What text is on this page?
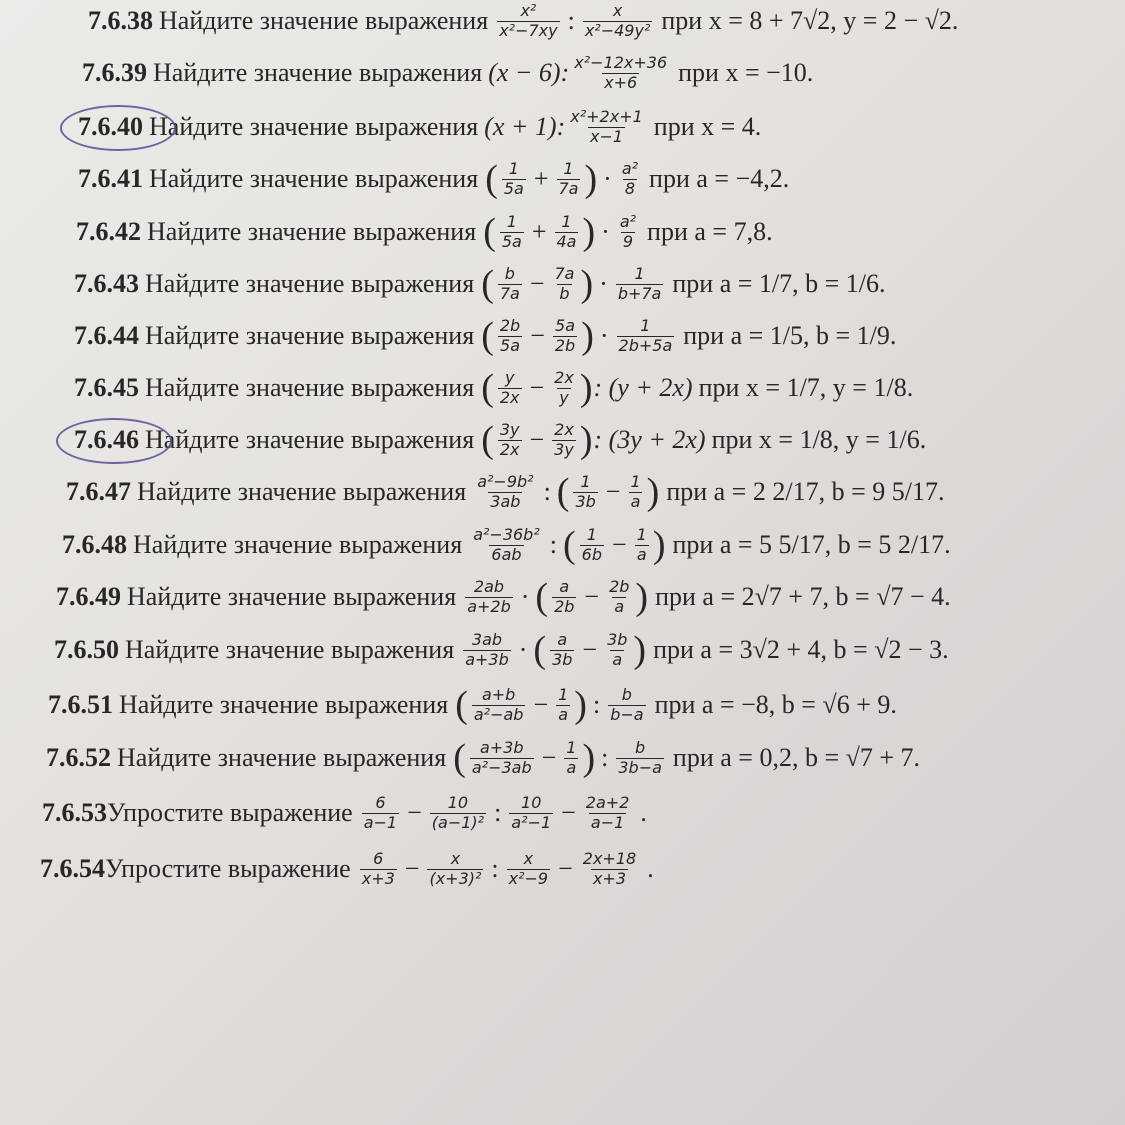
7.6.38 Найдите значение выражения $\frac{\text{x²}}{\text{x²−7xy}}$ : $\frac{x}{\text{x²−49y²}}$ при x = 8 + 7√2, y = 2 − √2.
7.6.39 Найдите значение выражения (x − 6): $\frac{\text{x²−12x+36}}{x+6}$ при x = −10.
7.6.40 Найдите значение выражения (x + 1): $\frac{\text{x²+2x+1}}{x-1}$ при x = 4.
7.6.41 Найдите значение выражения ( $\frac{1}{5a} + \frac{1}{7a}$ ) · $\frac{\text{a²}}{8}$ при a = −4,2.
7.6.42 Найдите значение выражения ( $\frac{1}{5a} + \frac{1}{4a}$ ) · $\frac{\text{a²}}{9}$ при a = 7,8.
7.6.43 Найдите значение выражения ( $\frac{b}{7a} - \frac{7a}{b}$ ) · $\frac{1}{b+7a}$ при a = 1/7, b = 1/6.
7.6.44 Найдите значение выражения ( $\frac{2b}{5a} - \frac{5a}{2b}$ ) · $\frac{1}{2b+5a}$ при a = 1/5, b = 1/9.
7.6.45 Найдите значение выражения ( $\frac{y}{2x} - \frac{2x}{y}$ ) : (y + 2x) при x = 1/7, y = 1/8.
7.6.46 Найдите значение выражения ( $\frac{3y}{2x} - \frac{2x}{3y}$ ) : (3y + 2x) при x = 1/8, y = 1/6.
7.6.47 Найдите значение выражения $\frac{\text{a²−9b²}}{3ab}$ : ( $\frac{1}{3b} - \frac{1}{a}$ ) при a = 2 2/17, b = 9 5/17.
7.6.48 Найдите значение выражения $\frac{\text{a²−36b²}}{6ab}$ : ( $\frac{1}{6b} - \frac{1}{a}$ ) при a = 5 5/17, b = 5 2/17.
7.6.49 Найдите значение выражения $\frac{2ab}{a+2b}$ · ( $\frac{a}{2b} - \frac{2b}{a}$ ) при a = 2√7 + 7, b = √7 − 4.
7.6.50 Найдите значение выражения $\frac{3ab}{a+3b}$ · ( $\frac{a}{3b} - \frac{3b}{a}$ ) при a = 3√2 + 4, b = √2 − 3.
7.6.51 Найдите значение выражения ( $\frac{a+b}{\text{a²−ab}} - \frac{1}{a}$ ) : $\frac{b}{b-a}$ при a = −8, b = √6 + 9.
7.6.52 Найдите значение выражения ( $\frac{a+3b}{\text{a²−3ab}} - \frac{1}{a}$ ) : $\frac{b}{3b-a}$ при a = 0,2, b = √7 + 7.
7.6.53 Упростите выражение $\frac{6}{a-1} - \frac{10}{\text{(a−1)²}}$ : $\frac{10}{\text{a²−1}} - \frac{2a+2}{a-1}$ .
7.6.54 Упростите выражение $\frac{6}{x+3} - \frac{x}{\text{(x+3)²}}$ : $\frac{x}{\text{x²−9}} - \frac{2x+18}{x+3}$ .
